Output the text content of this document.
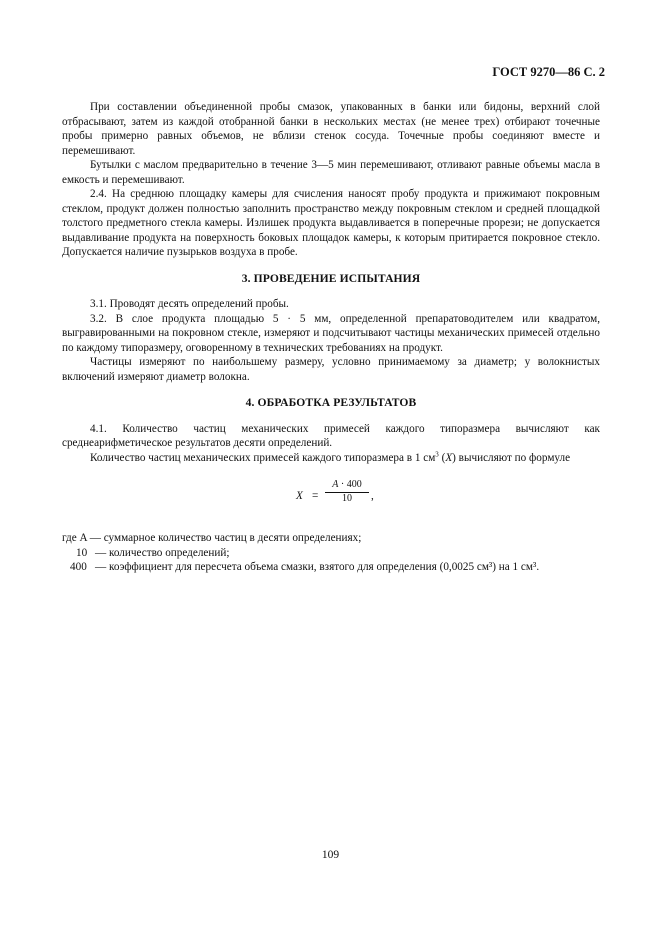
ГОСТ 9270—86 С. 2

При составлении объединенной пробы смазок, упакованных в банки или бидоны, верхний слой отбрасывают, затем из каждой отобранной банки в нескольких местах (не менее трех) отбирают точечные пробы примерно равных объемов, не вблизи стенок сосуда. Точечные пробы соединяют вместе и перемешивают.

Бутылки с маслом предварительно в течение 3—5 мин перемешивают, отливают равные объемы масла в емкость и перемешивают.

2.4. На среднюю площадку камеры для счисления наносят пробу продукта и прижимают покровным стеклом, продукт должен полностью заполнить пространство между покровным стеклом и средней площадкой толстого предметного стекла камеры. Излишек продукта выдавливается в поперечные прорези; не допускается выдавливание продукта на поверхность боковых площадок камеры, к которым притирается покровное стекло. Допускается наличие пузырьков воздуха в пробе.

3. ПРОВЕДЕНИЕ ИСПЫТАНИЯ

3.1. Проводят десять определений пробы.

3.2. В слое продукта площадью 5 · 5 мм, определенной препаратоводителем или квадратом, выгравированными на покровном стекле, измеряют и подсчитывают частицы механических примесей отдельно по каждому типоразмеру, оговоренному в технических требованиях на продукт.

Частицы измеряют по наибольшему размеру, условно принимаемому за диаметр; у волокнистых включений измеряют диаметр волокна.

4. ОБРАБОТКА РЕЗУЛЬТАТОВ

4.1. Количество частиц механических примесей каждого типоразмера вычисляют как среднеарифметическое результатов десяти определений.

Количество частиц механических примесей каждого типоразмера в 1 $см^3$ (X) вычисляют по формуле

$X = \frac{A \cdot 400}{10}$ ,
где A — суммарное количество частиц в десяти определениях;
10 — количество определений;
400 — коэффициент для пересчета объема смазки, взятого для определения (0,0025 см³) на 1 см³.
109
